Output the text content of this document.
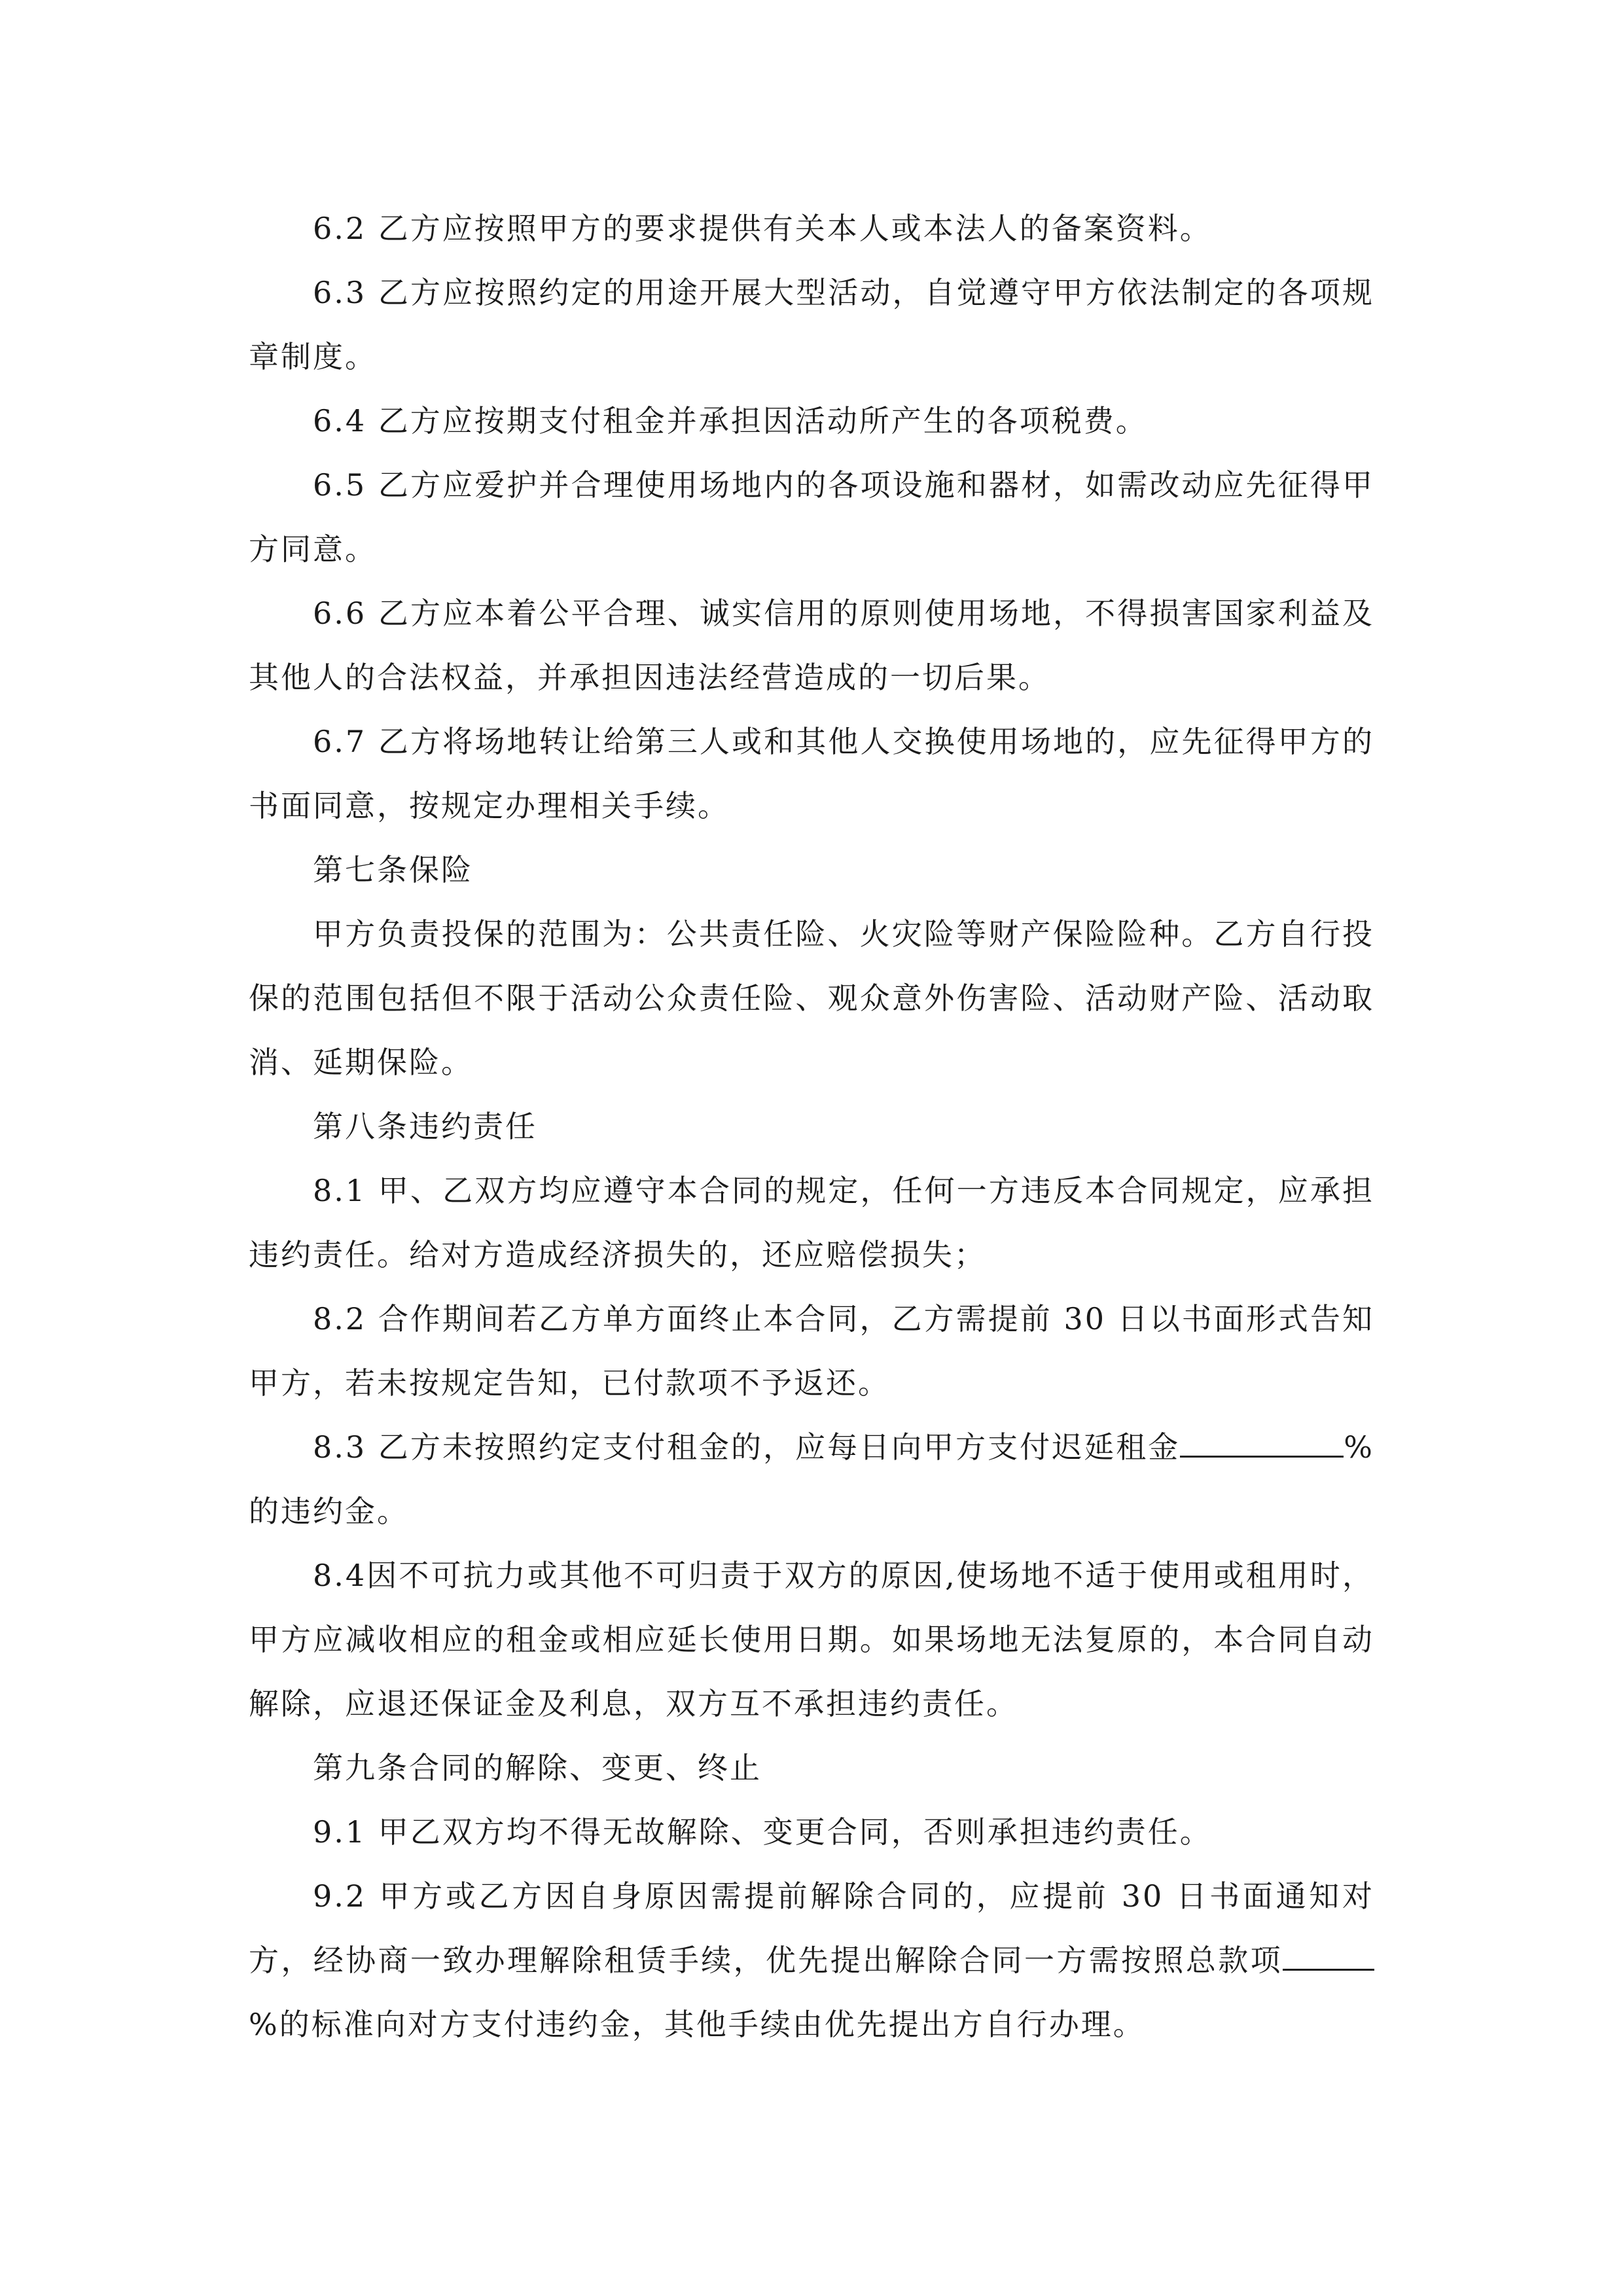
6.2 乙方应按照甲方的要求提供有关本人或本法人的备案资料。

6.3 乙方应按照约定的用途开展大型活动，自觉遵守甲方依法制定的各项规章制度。

6.4 乙方应按期支付租金并承担因活动所产生的各项税费。

6.5 乙方应爱护并合理使用场地内的各项设施和器材，如需改动应先征得甲方同意。

6.6 乙方应本着公平合理、诚实信用的原则使用场地，不得损害国家利益及其他人的合法权益，并承担因违法经营造成的一切后果。

6.7 乙方将场地转让给第三人或和其他人交换使用场地的，应先征得甲方的书面同意，按规定办理相关手续。

第七条保险

甲方负责投保的范围为：公共责任险、火灾险等财产保险险种。乙方自行投保的范围包括但不限于活动公众责任险、观众意外伤害险、活动财产险、活动取消、延期保险。

第八条违约责任

8.1 甲、乙双方均应遵守本合同的规定，任何一方违反本合同规定，应承担违约责任。给对方造成经济损失的，还应赔偿损失；

8.2 合作期间若乙方单方面终止本合同，乙方需提前 30 日以书面形式告知甲方，若未按规定告知，已付款项不予返还。

8.3 乙方未按照约定支付租金的，应每日向甲方支付迟延租金	%的违约金。

8.4因不可抗力或其他不可归责于双方的原因,使场地不适于使用或租用时，甲方应减收相应的租金或相应延长使用日期。如果场地无法复原的，本合同自动解除，应退还保证金及利息，双方互不承担违约责任。

第九条合同的解除、变更、终止

9.1 甲乙双方均不得无故解除、变更合同，否则承担违约责任。

9.2 甲方或乙方因自身原因需提前解除合同的，应提前 30 日书面通知对方，经协商一致办理解除租赁手续，优先提出解除合同一方需按照总款项%的标准向对方支付违约金，其他手续由优先提出方自行办理。
